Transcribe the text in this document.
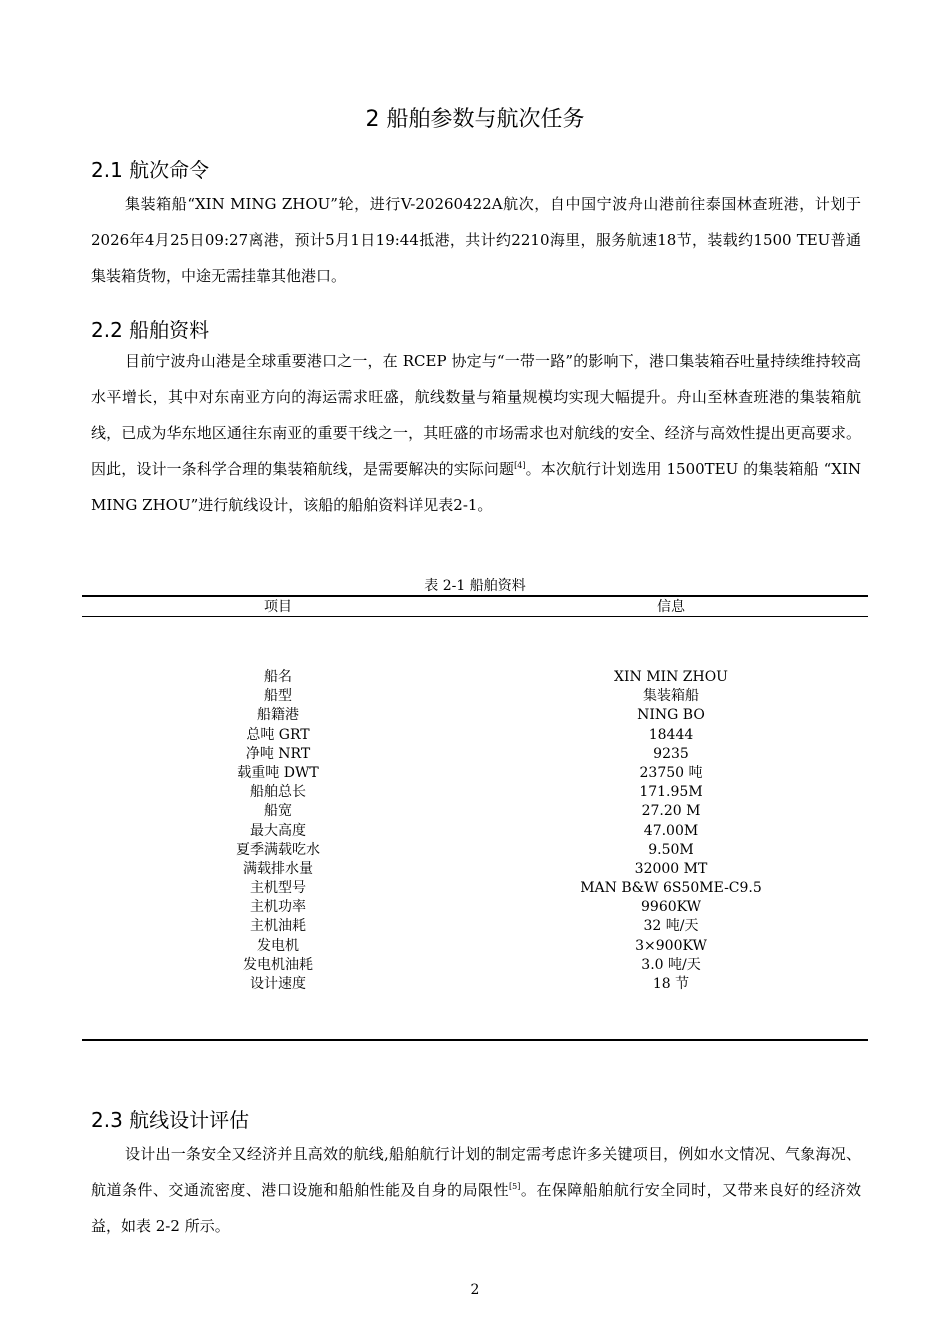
2 船舶参数与航次任务
2.1 航次命令

集装箱船“XIN MING ZHOU”轮，进行V-20260422A航次，自中国宁波舟山港前往泰国林查班港，计划于2026年4月25日09:27离港，预计5月1日19:44抵港，共计约2210海里，服务航速18节，装载约1500 TEU普通集装箱货物，中途无需挂靠其他港口。

2.2 船舶资料

目前宁波舟山港是全球重要港口之一，在 RCEP 协定与“一带一路”的影响下，港口集装箱吞吐量持续维持较高水平增长，其中对东南亚方向的海运需求旺盛，航线数量与箱量规模均实现大幅提升。舟山至林查班港的集装箱航线，已成为华东地区通往东南亚的重要干线之一，其旺盛的市场需求也对航线的安全、经济与高效性提出更高要求。因此，设计一条科学合理的集装箱航线，是需要解决的实际问题[4]。本次航行计划选用 1500TEU 的集装箱船 “XIN MING ZHOU”进行航线设计，该船的船舶资料详见表2-1。

表 2-1 船舶资料
项目	信息
船名	XIN MIN ZHOU
船型	集装箱船
船籍港	NING BO
总吨 GRT	18444
净吨 NRT	9235
载重吨 DWT	23750 吨
船舶总长	171.95M
船宽	27.20 M
最大高度	47.00M
夏季满载吃水	9.50M
满载排水量	32000 MT
主机型号	MAN B&W 6S50ME-C9.5
主机功率	9960KW
主机油耗	32 吨/天
发电机	3×900KW
发电机油耗	3.0 吨/天
设计速度	18 节
2.3 航线设计评估

设计出一条安全又经济并且高效的航线,船舶航行计划的制定需考虑许多关键项目，例如水文情况、气象海况、航道条件、交通流密度、港口设施和船舶性能及自身的局限性[5]。在保障船舶航行安全同时，又带来良好的经济效益，如表 2-2 所示。

2
